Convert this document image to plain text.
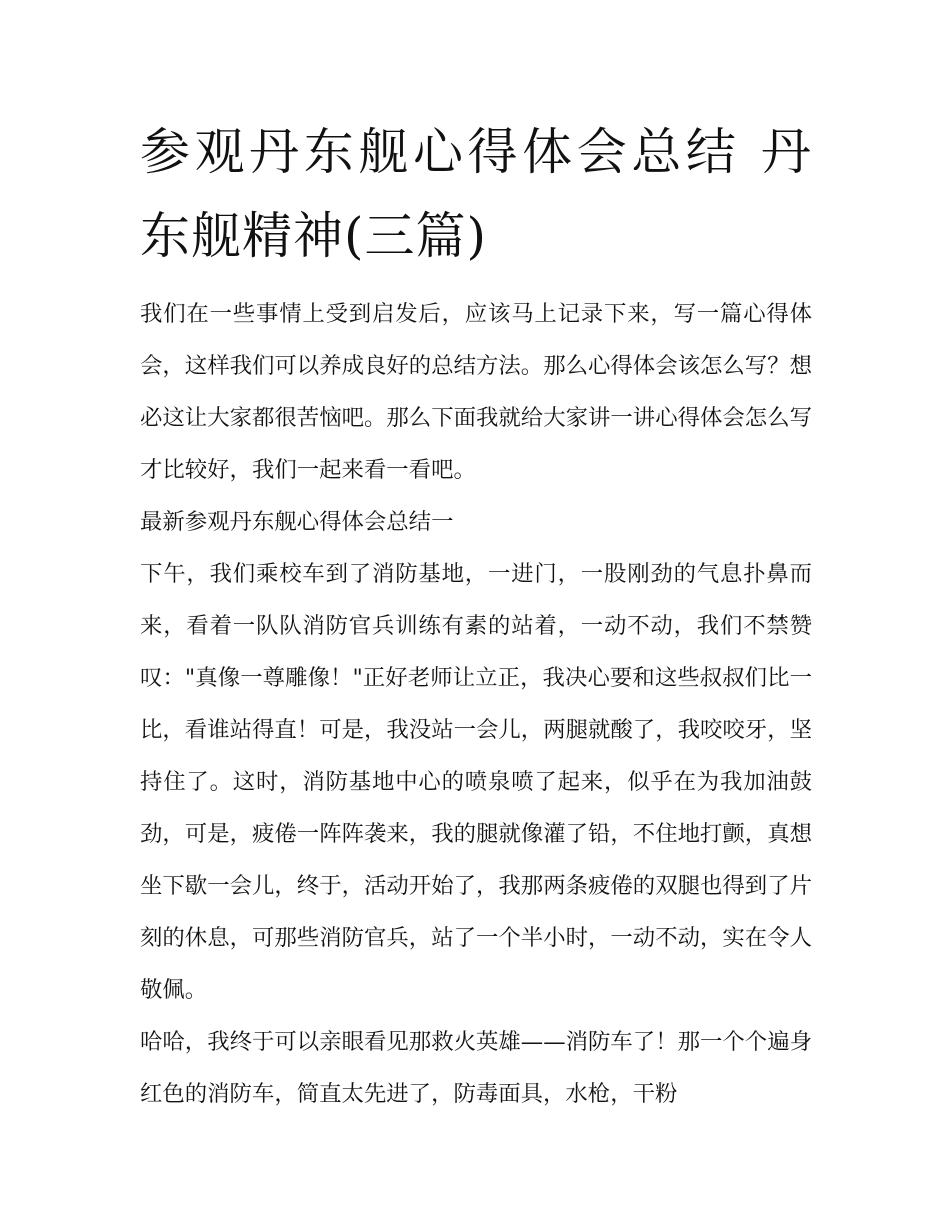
参观丹东舰心得体会总结 丹东舰精神(三篇)

我们在一些事情上受到启发后，应该马上记录下来，写一篇心得体会，这样我们可以养成良好的总结方法。那么心得体会该怎么写？想必这让大家都很苦恼吧。那么下面我就给大家讲一讲心得体会怎么写才比较好，我们一起来看一看吧。

最新参观丹东舰心得体会总结一

下午，我们乘校车到了消防基地，一进门，一股刚劲的气息扑鼻而来，看着一队队消防官兵训练有素的站着，一动不动，我们不禁赞叹："真像一尊雕像！"正好老师让立正，我决心要和这些叔叔们比一比，看谁站得直！可是，我没站一会儿，两腿就酸了，我咬咬牙，坚持住了。这时，消防基地中心的喷泉喷了起来，似乎在为我加油鼓劲，可是，疲倦一阵阵袭来，我的腿就像灌了铅，不住地打颤，真想坐下歇一会儿，终于，活动开始了，我那两条疲倦的双腿也得到了片刻的休息，可那些消防官兵，站了一个半小时，一动不动，实在令人敬佩。

哈哈，我终于可以亲眼看见那救火英雄——消防车了！那一个个遍身红色的消防车，简直太先进了，防毒面具，水枪，干粉
